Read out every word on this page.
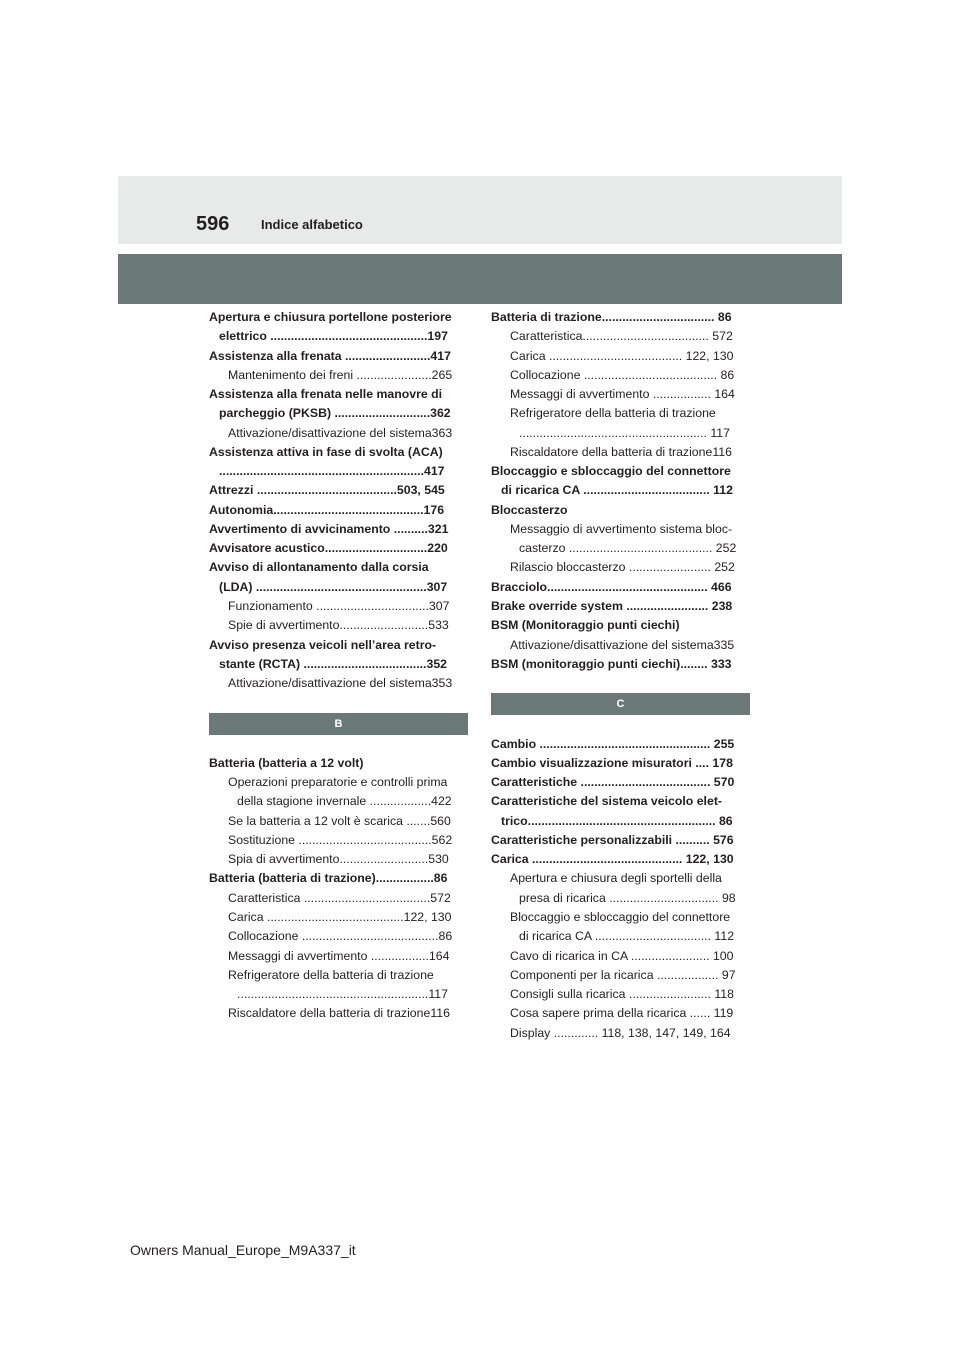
596 Indice alfabetico
Apertura e chiusura portellone posteriore
elettrico ..............................................197
Assistenza alla frenata .........................417
Mantenimento dei freni ......................265
Assistenza alla frenata nelle manovre di
parcheggio (PKSB) ............................362
Attivazione/disattivazione del sistema363
Assistenza attiva in fase di svolta (ACA)
............................................................417
Attrezzi .........................................503, 545
Autonomia............................................176
Avvertimento di avvicinamento ..........321
Avvisatore acustico..............................220
Avviso di allontanamento dalla corsia
(LDA) ..................................................307
Funzionamento .................................307
Spie di avvertimento..........................533
Avviso presenza veicoli nell’area retro-
stante (RCTA) ....................................352
Attivazione/disattivazione del sistema353
B
Batteria (batteria a 12 volt)
Operazioni preparatorie e controlli prima
della stagione invernale ..................422
Se la batteria a 12 volt è scarica .......560
Sostituzione .......................................562
Spia di avvertimento..........................530
Batteria (batteria di trazione).................86
Caratteristica .....................................572
Carica ........................................122, 130
Collocazione ........................................86
Messaggi di avvertimento .................164
Refrigeratore della batteria di trazione
........................................................117
Riscaldatore della batteria di trazione116
Batteria di trazione................................. 86
Caratteristica..................................... 572
Carica ....................................... 122, 130
Collocazione ....................................... 86
Messaggi di avvertimento ................. 164
Refrigeratore della batteria di trazione
....................................................... 117
Riscaldatore della batteria di trazione116
Bloccaggio e sbloccaggio del connettore
di ricarica CA ..................................... 112
Bloccasterzo
Messaggio di avvertimento sistema bloc-
casterzo .......................................... 252
Rilascio bloccasterzo ........................ 252
Bracciolo............................................... 466
Brake override system ........................ 238
BSM (Monitoraggio punti ciechi)
Attivazione/disattivazione del sistema335
BSM (monitoraggio punti ciechi)........ 333
C
Cambio .................................................. 255
Cambio visualizzazione misuratori .... 178
Caratteristiche ...................................... 570
Caratteristiche del sistema veicolo elet-
trico....................................................... 86
Caratteristiche personalizzabili .......... 576
Carica ............................................ 122, 130
Apertura e chiusura degli sportelli della
presa di ricarica ................................ 98
Bloccaggio e sbloccaggio del connettore
di ricarica CA .................................. 112
Cavo di ricarica in CA ....................... 100
Componenti per la ricarica .................. 97
Consigli sulla ricarica ........................ 118
Cosa sapere prima della ricarica ...... 119
Display ............. 118, 138, 147, 149, 164
Owners Manual_Europe_M9A337_it
